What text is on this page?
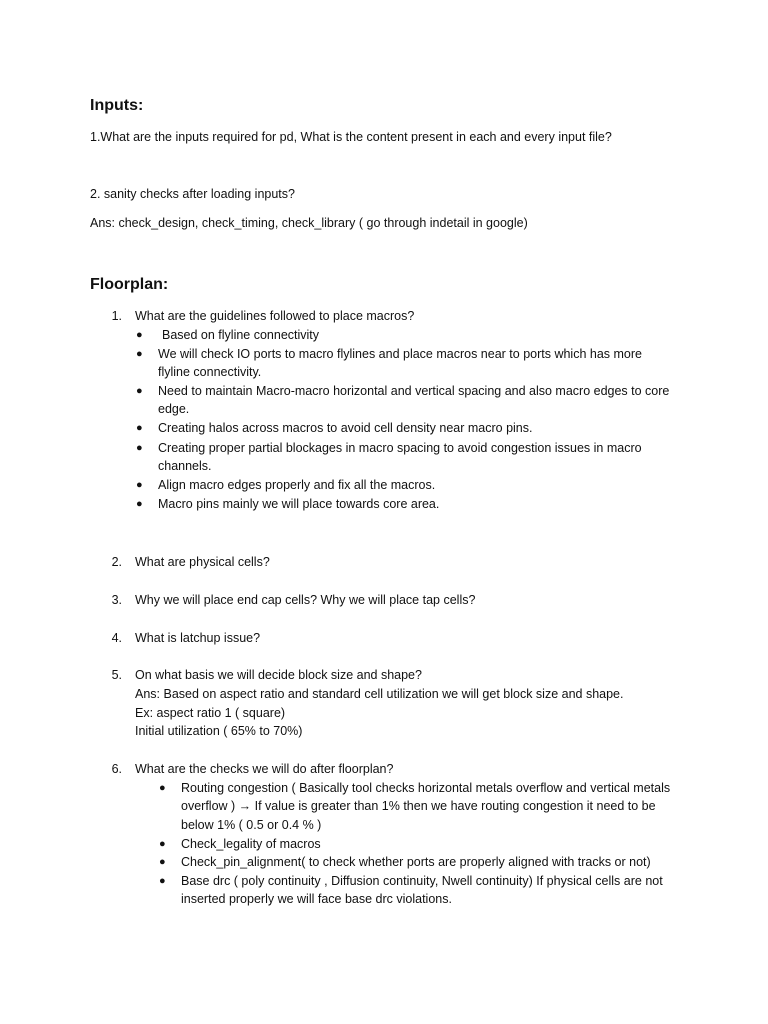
Inputs:
1.What are the inputs required for pd, What is the content present in each and every input file?
2. sanity checks after loading inputs?
Ans: check_design, check_timing, check_library ( go through indetail in google)
Floorplan:
1. What are the guidelines followed to place macros?
● Based on flyline connectivity
● We will check IO ports to macro flylines and place macros near to ports which has more
flyline connectivity.
● Need to maintain Macro-macro horizontal and vertical spacing and also macro edges to core
edge.
● Creating halos across macros to avoid cell density near macro pins.
● Creating proper partial blockages in macro spacing to avoid congestion issues in macro
channels.
● Align macro edges properly and fix all the macros.
● Macro pins mainly we will place towards core area.
2. What are physical cells?
3. Why we will place end cap cells? Why we will place tap cells?
4. What is latchup issue?
5. On what basis we will decide block size and shape?
Ans: Based on aspect ratio and standard cell utilization we will get block size and shape.
Ex: aspect ratio 1 ( square)
Initial utilization ( 65% to 70%)
6. What are the checks we will do after floorplan?
● Routing congestion ( Basically tool checks horizontal metals overflow and vertical metals
overflow ) → If value is greater than 1% then we have routing congestion it need to be
below 1% ( 0.5 or 0.4 % )
● Check_legality of macros
● Check_pin_alignment( to check whether ports are properly aligned with tracks or not)
● Base drc ( poly continuity , Diffusion continuity, Nwell continuity) If physical cells are not
inserted properly we will face base drc violations.
